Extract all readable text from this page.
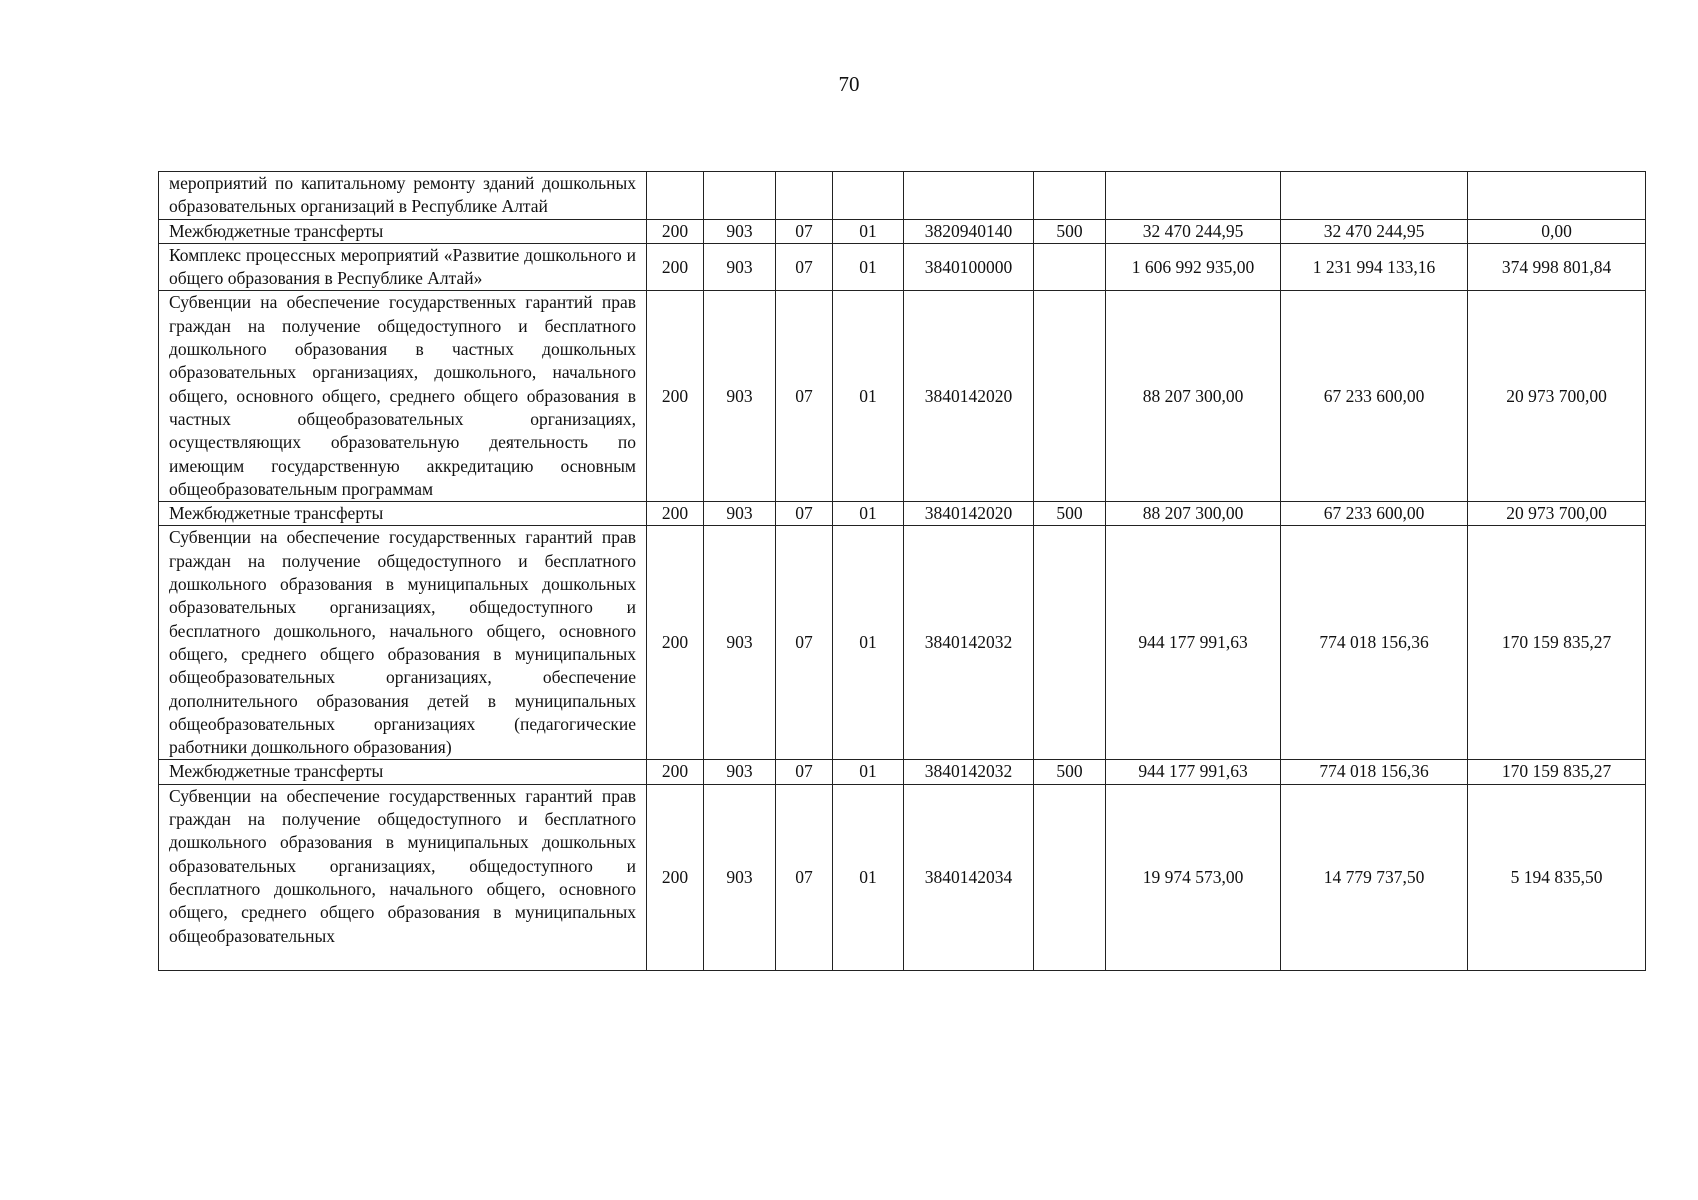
70
мероприятий по капитальному ремонту зданий дошкольных образовательных организаций в Республике Алтай									
Межбюджетные трансферты	200	903	07	01	3820940140	500	32 470 244,95	32 470 244,95	0,00
Комплекс процессных мероприятий «Развитие дошкольного и общего образования в Республике Алтай»	200	903	07	01	3840100000		1 606 992 935,00	1 231 994 133,16	374 998 801,84
Субвенции на обеспечение государственных гарантий прав граждан на получение общедоступного и бесплатного дошкольного образования в частных дошкольных образовательных организациях, дошкольного, начального общего, основного общего, среднего общего образования в частных общеобразовательных организациях, осуществляющих образовательную деятельность по имеющим государственную аккредитацию основным общеобразовательным программам	200	903	07	01	3840142020		88 207 300,00	67 233 600,00	20 973 700,00
Межбюджетные трансферты	200	903	07	01	3840142020	500	88 207 300,00	67 233 600,00	20 973 700,00
Субвенции на обеспечение государственных гарантий прав граждан на получение общедоступного и бесплатного дошкольного образования в муниципальных дошкольных образовательных организациях, общедоступного и бесплатного дошкольного, начального общего, основного общего, среднего общего образования в муниципальных общеобразовательных организациях, обеспечение дополнительного образования детей в муниципальных общеобразовательных организациях (педагогические работники дошкольного образования)	200	903	07	01	3840142032		944 177 991,63	774 018 156,36	170 159 835,27
Межбюджетные трансферты	200	903	07	01	3840142032	500	944 177 991,63	774 018 156,36	170 159 835,27
Субвенции на обеспечение государственных гарантий прав граждан на получение общедоступного и бесплатного дошкольного образования в муниципальных дошкольных образовательных организациях, общедоступного и бесплатного дошкольного, начального общего, основного общего, среднего общего образования в муниципальных общеобразовательных	200	903	07	01	3840142034		19 974 573,00	14 779 737,50	5 194 835,50
